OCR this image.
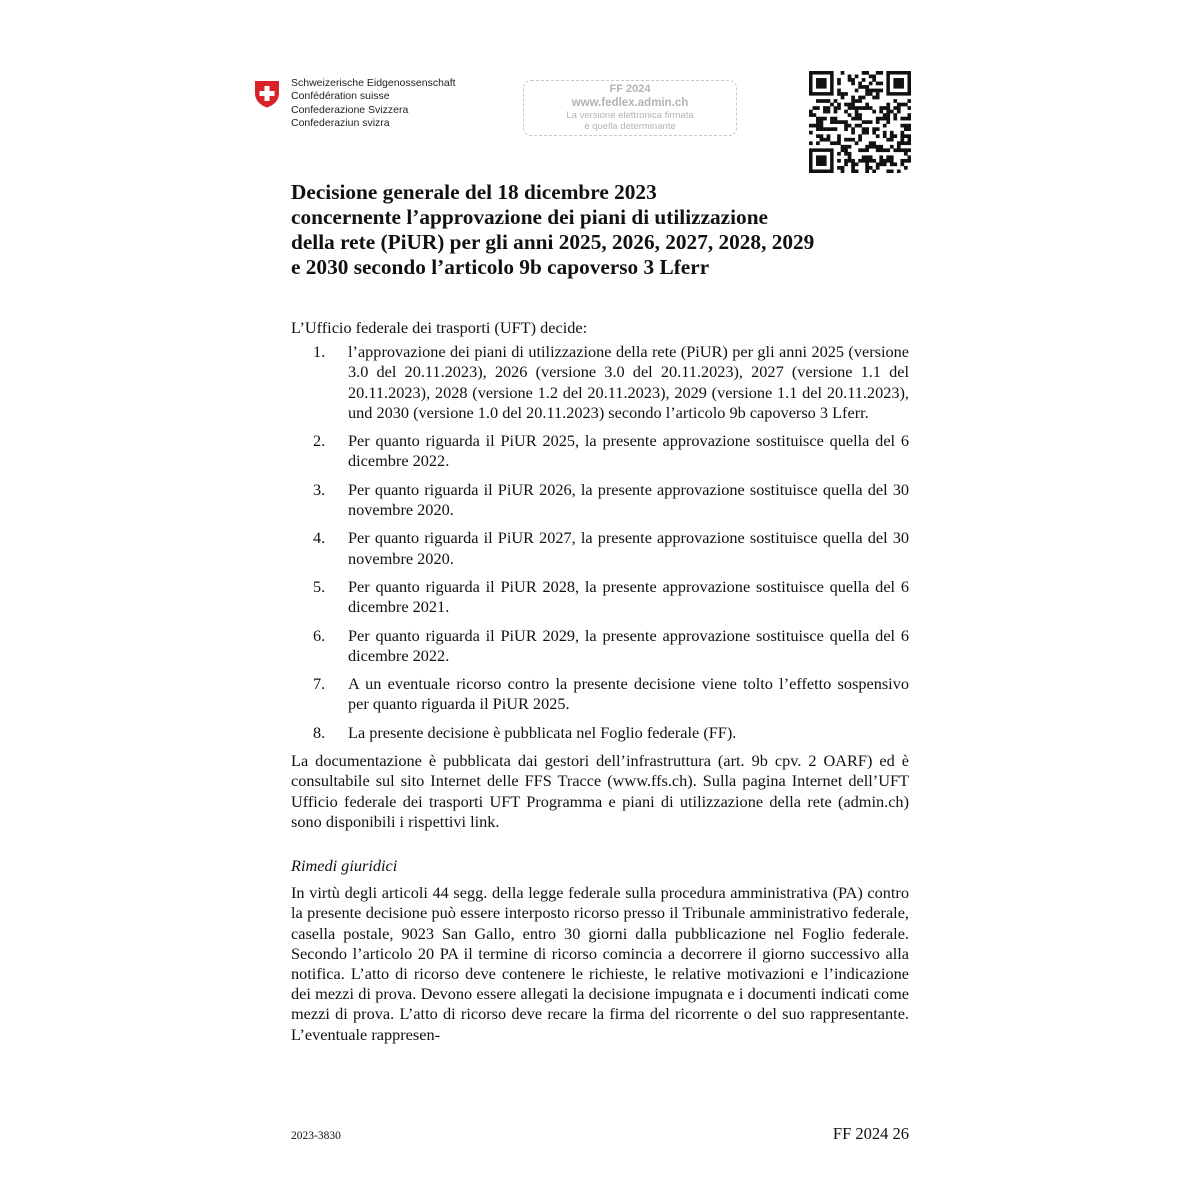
Schweizerische Eidgenossenschaft
Confédération suisse
Confederazione Svizzera
Confederaziun svizra
FF 2024
www.fedlex.admin.ch
La versione elettronica firmata
è quella determinante
Decisione generale del 18 dicembre 2023
concernente l’approvazione dei piani di utilizzazione
della rete (PiUR) per gli anni 2025, 2026, 2027, 2028, 2029
e 2030 secondo l’articolo 9b capoverso 3 Lferr

L’Ufficio federale dei trasporti (UFT) decide:

1. l’approvazione dei piani di utilizzazione della rete (PiUR) per gli anni 2025 (versione 3.0 del 20.11.2023), 2026 (versione 3.0 del 20.11.2023), 2027 (versione 1.1 del 20.11.2023), 2028 (versione 1.2 del 20.11.2023), 2029 (versione 1.1 del 20.11.2023), und 2030 (versione 1.0 del 20.11.2023) secondo l’articolo 9b capoverso 3 Lferr.
2. Per quanto riguarda il PiUR 2025, la presente approvazione sostituisce quella del 6 dicembre 2022.
3. Per quanto riguarda il PiUR 2026, la presente approvazione sostituisce quella del 30 novembre 2020.
4. Per quanto riguarda il PiUR 2027, la presente approvazione sostituisce quella del 30 novembre 2020.
5. Per quanto riguarda il PiUR 2028, la presente approvazione sostituisce quella del 6 dicembre 2021.
6. Per quanto riguarda il PiUR 2029, la presente approvazione sostituisce quella del 6 dicembre 2022.
7. A un eventuale ricorso contro la presente decisione viene tolto l’effetto sospensivo per quanto riguarda il PiUR 2025.
8. La presente decisione è pubblicata nel Foglio federale (FF).

La documentazione è pubblicata dai gestori dell’infrastruttura (art. 9b cpv. 2 OARF) ed è consultabile sul sito Internet delle FFS Tracce (www.ffs.ch). Sulla pagina Internet dell’UFT Ufficio federale dei trasporti UFT Programma e piani di utilizzazione della rete (admin.ch) sono disponibili i rispettivi link.

Rimedi giuridici

In virtù degli articoli 44 segg. della legge federale sulla procedura amministrativa (PA) contro la presente decisione può essere interposto ricorso presso il Tribunale amministrativo federale, casella postale, 9023 San Gallo, entro 30 giorni dalla pubblicazione nel Foglio federale. Secondo l’articolo 20 PA il termine di ricorso comincia a decorrere il giorno successivo alla notifica. L’atto di ricorso deve contenere le richieste, le relative motivazioni e l’indicazione dei mezzi di prova. Devono essere allegati la decisione impugnata e i documenti indicati come mezzi di prova. L’atto di ricorso deve recare la firma del ricorrente o del suo rappresentante. L’eventuale rappresen-

2023-3830	FF 2024 26
